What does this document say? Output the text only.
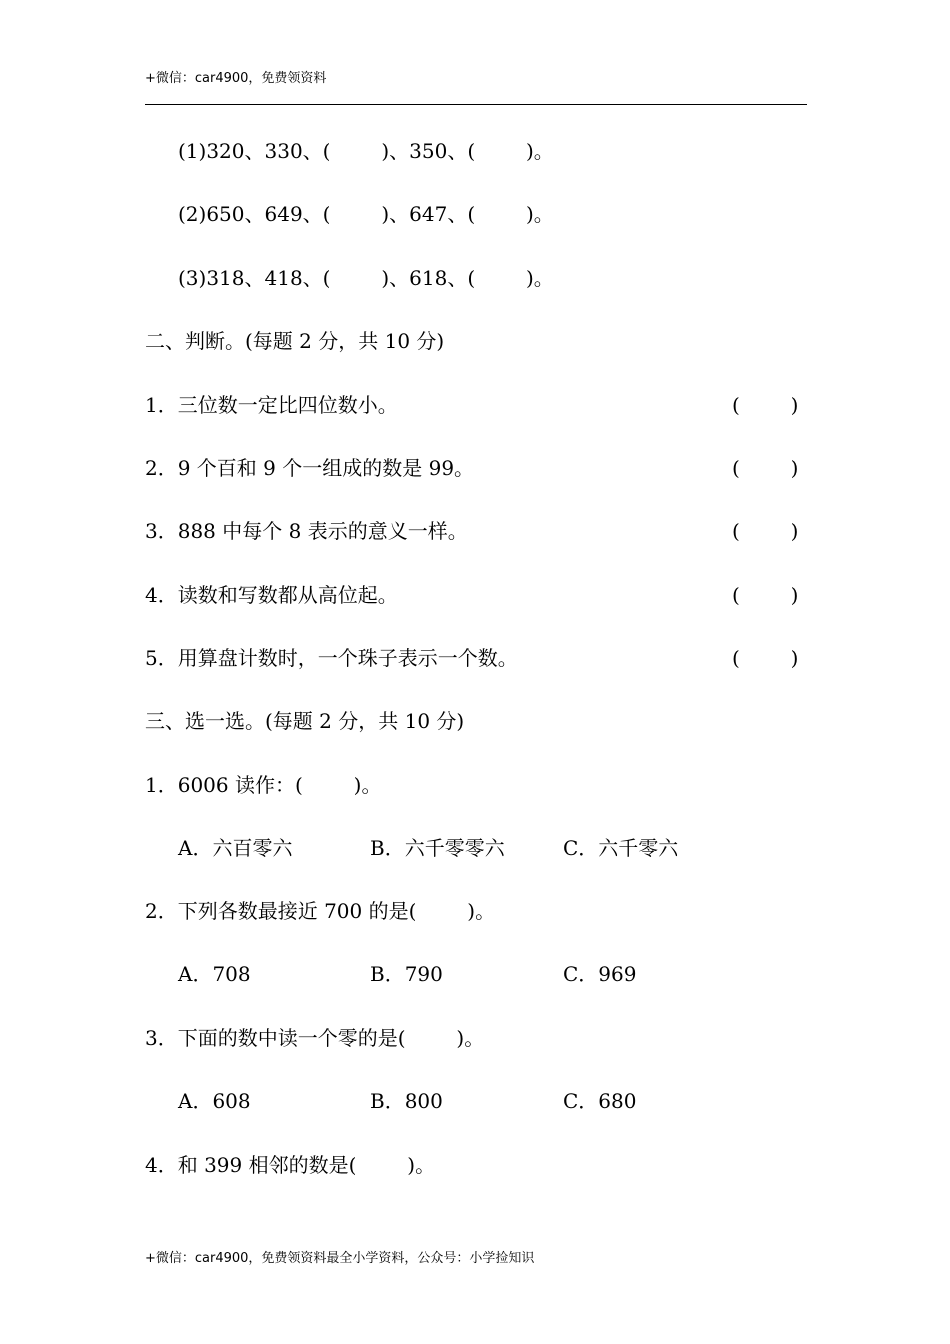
+微信：car4900，免费领资料
(1)320、330、(        )、350、(        )。
(2)650、649、(        )、647、(        )。
(3)318、418、(        )、618、(        )。
二、判断。(每题 2 分，共 10 分)
1．三位数一定比四位数小。	(        )
2．9 个百和 9 个一组成的数是 99。	(        )
3．888 中每个 8 表示的意义一样。	(        )
4．读数和写数都从高位起。	(        )
5．用算盘计数时，一个珠子表示一个数。	(        )
三、选一选。(每题 2 分，共 10 分)
1．6006 读作：(        )。
A．六百零六	B．六千零零六	C．六千零六
2．下列各数最接近 700 的是(        )。
A．708	B．790	C．969
3．下面的数中读一个零的是(        )。
A．608	B．800	C．680
4．和 399 相邻的数是(        )。
+微信：car4900，免费领资料最全小学资料，公众号：小学捡知识
